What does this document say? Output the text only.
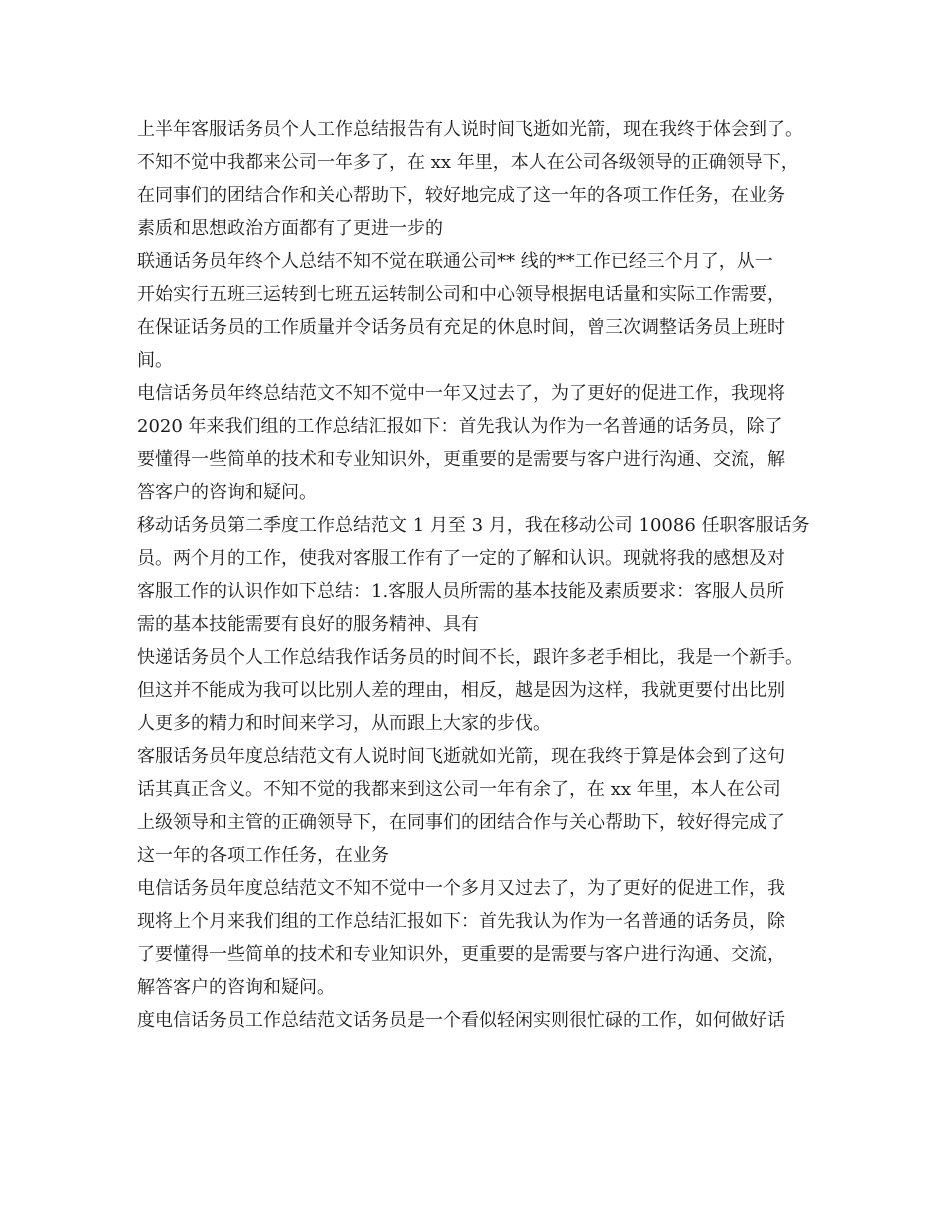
上半年客服话务员个人工作总结报告有人说时间飞逝如光箭，现在我终于体会到了。
不知不觉中我都来公司一年多了，在 xx 年里，本人在公司各级领导的正确领导下，
在同事们的团结合作和关心帮助下，较好地完成了这一年的各项工作任务，在业务
素质和思想政治方面都有了更进一步的
联通话务员年终个人总结不知不觉在联通公司** 线的**工作已经三个月了，从一
开始实行五班三运转到七班五运转制公司和中心领导根据电话量和实际工作需要，
在保证话务员的工作质量并令话务员有充足的休息时间，曾三次调整话务员上班时
间。
电信话务员年终总结范文不知不觉中一年又过去了，为了更好的促进工作，我现将
2020 年来我们组的工作总结汇报如下：首先我认为作为一名普通的话务员，除了
要懂得一些简单的技术和专业知识外，更重要的是需要与客户进行沟通、交流，解
答客户的咨询和疑问。
移动话务员第二季度工作总结范文 1 月至 3 月，我在移动公司 10086 任职客服话务
员。两个月的工作，使我对客服工作有了一定的了解和认识。现就将我的感想及对
客服工作的认识作如下总结：1.客服人员所需的基本技能及素质要求：客服人员所
需的基本技能需要有良好的服务精神、具有
快递话务员个人工作总结我作话务员的时间不长，跟许多老手相比，我是一个新手。
但这并不能成为我可以比别人差的理由，相反，越是因为这样，我就更要付出比别
人更多的精力和时间来学习，从而跟上大家的步伐。
客服话务员年度总结范文有人说时间飞逝就如光箭，现在我终于算是体会到了这句
话其真正含义。不知不觉的我都来到这公司一年有余了，在 xx 年里，本人在公司
上级领导和主管的正确领导下，在同事们的团结合作与关心帮助下，较好得完成了
这一年的各项工作任务，在业务
电信话务员年度总结范文不知不觉中一个多月又过去了，为了更好的促进工作，我
现将上个月来我们组的工作总结汇报如下：首先我认为作为一名普通的话务员，除
了要懂得一些简单的技术和专业知识外，更重要的是需要与客户进行沟通、交流，
解答客户的咨询和疑问。
度电信话务员工作总结范文话务员是一个看似轻闲实则很忙碌的工作，如何做好话
